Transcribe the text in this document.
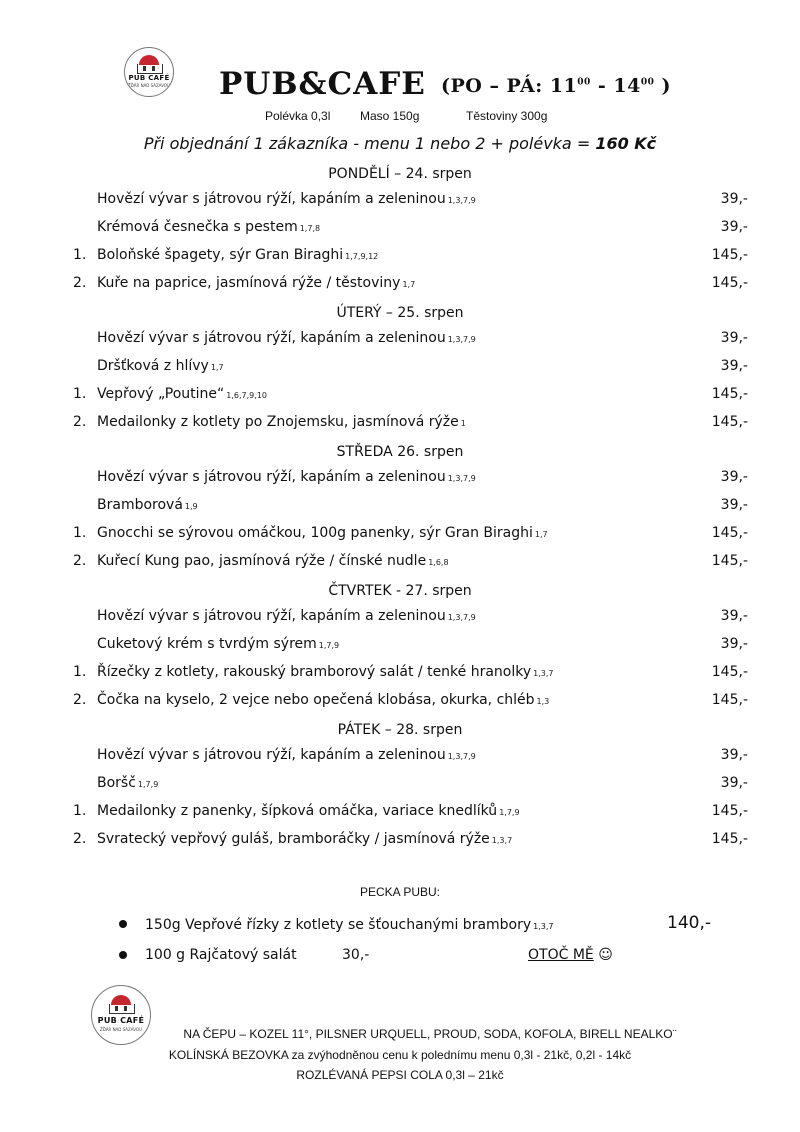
PUB CAFÉ
ŽĎÁR NAD SÁZAVOU PUB&CAFE (PO – PÁ: $11^{00} - 14^{00}$ )
Polévka 0,3l Maso 150g	Těstoviny 300g
Při objednání 1 zákazníka - menu 1 nebo 2 + polévka = 160 Kč
PONDĚLÍ – 24. srpen
Hovězí vývar s játrovou rýží, kapáním a zeleninou 1,3,7,9	39,-
Krémová česnečka s pestem 1,7,8	39,-
1. Boloňské špagety, sýr Gran Biraghi 1,7,9,12	145,-
2. Kuře na paprice, jasmínová rýže / těstoviny 1,7	145,-
ÚTERÝ – 25. srpen
Hovězí vývar s játrovou rýží, kapáním a zeleninou 1,3,7,9	39,-
Dršťková z hlívy 1,7	39,-
1. Vepřový „Poutine“ 1,6,7,9,10	145,-
2. Medailonky z kotlety po Znojemsku, jasmínová rýže 1	145,-
STŘEDA 26. srpen
Hovězí vývar s játrovou rýží, kapáním a zeleninou 1,3,7,9	39,-
Bramborová 1,9	39,-
1. Gnocchi se sýrovou omáčkou, 100g panenky, sýr Gran Biraghi 1,7	145,-
2. Kuřecí Kung pao, jasmínová rýže / čínské nudle 1,6,8	145,-
ČTVRTEK - 27. srpen
Hovězí vývar s játrovou rýží, kapáním a zeleninou 1,3,7,9	39,-
Cuketový krém s tvrdým sýrem 1,7,9	39,-
1. Řízečky z kotlety, rakouský bramborový salát / tenké hranolky 1,3,7	145,-
2. Čočka na kyselo, 2 vejce nebo opečená klobása, okurka, chléb 1,3	145,-
PÁTEK – 28. srpen
Hovězí vývar s játrovou rýží, kapáním a zeleninou 1,3,7,9	39,-
Boršč 1,7,9	39,-
1. Medailonky z panenky, šípková omáčka, variace knedlíků 1,7,9	145,-
2. Svratecký vepřový guláš, bramboráčky / jasmínová rýže 1,3,7	145,-
PECKA PUBU:
150g Vepřové řízky z kotlety se šťouchanými brambory 1,3,7	140,-
100 g Rajčatový salát	30,-	OTOČ MĚ ☺
PUB CAFÉ
ŽĎÁR NAD SÁZAVOU	NA ČEPU – KOZEL 11°, PILSNER URQUELL, PROUD, SODA, KOFOLA, BIRELL NEALKO¨
KOLÍNSKÁ BEZOVKA za zvýhodněnou cenu k polednímu menu 0,3l - 21kč, 0,2l - 14kč
ROZLÉVANÁ PEPSI COLA 0,3l – 21kč
